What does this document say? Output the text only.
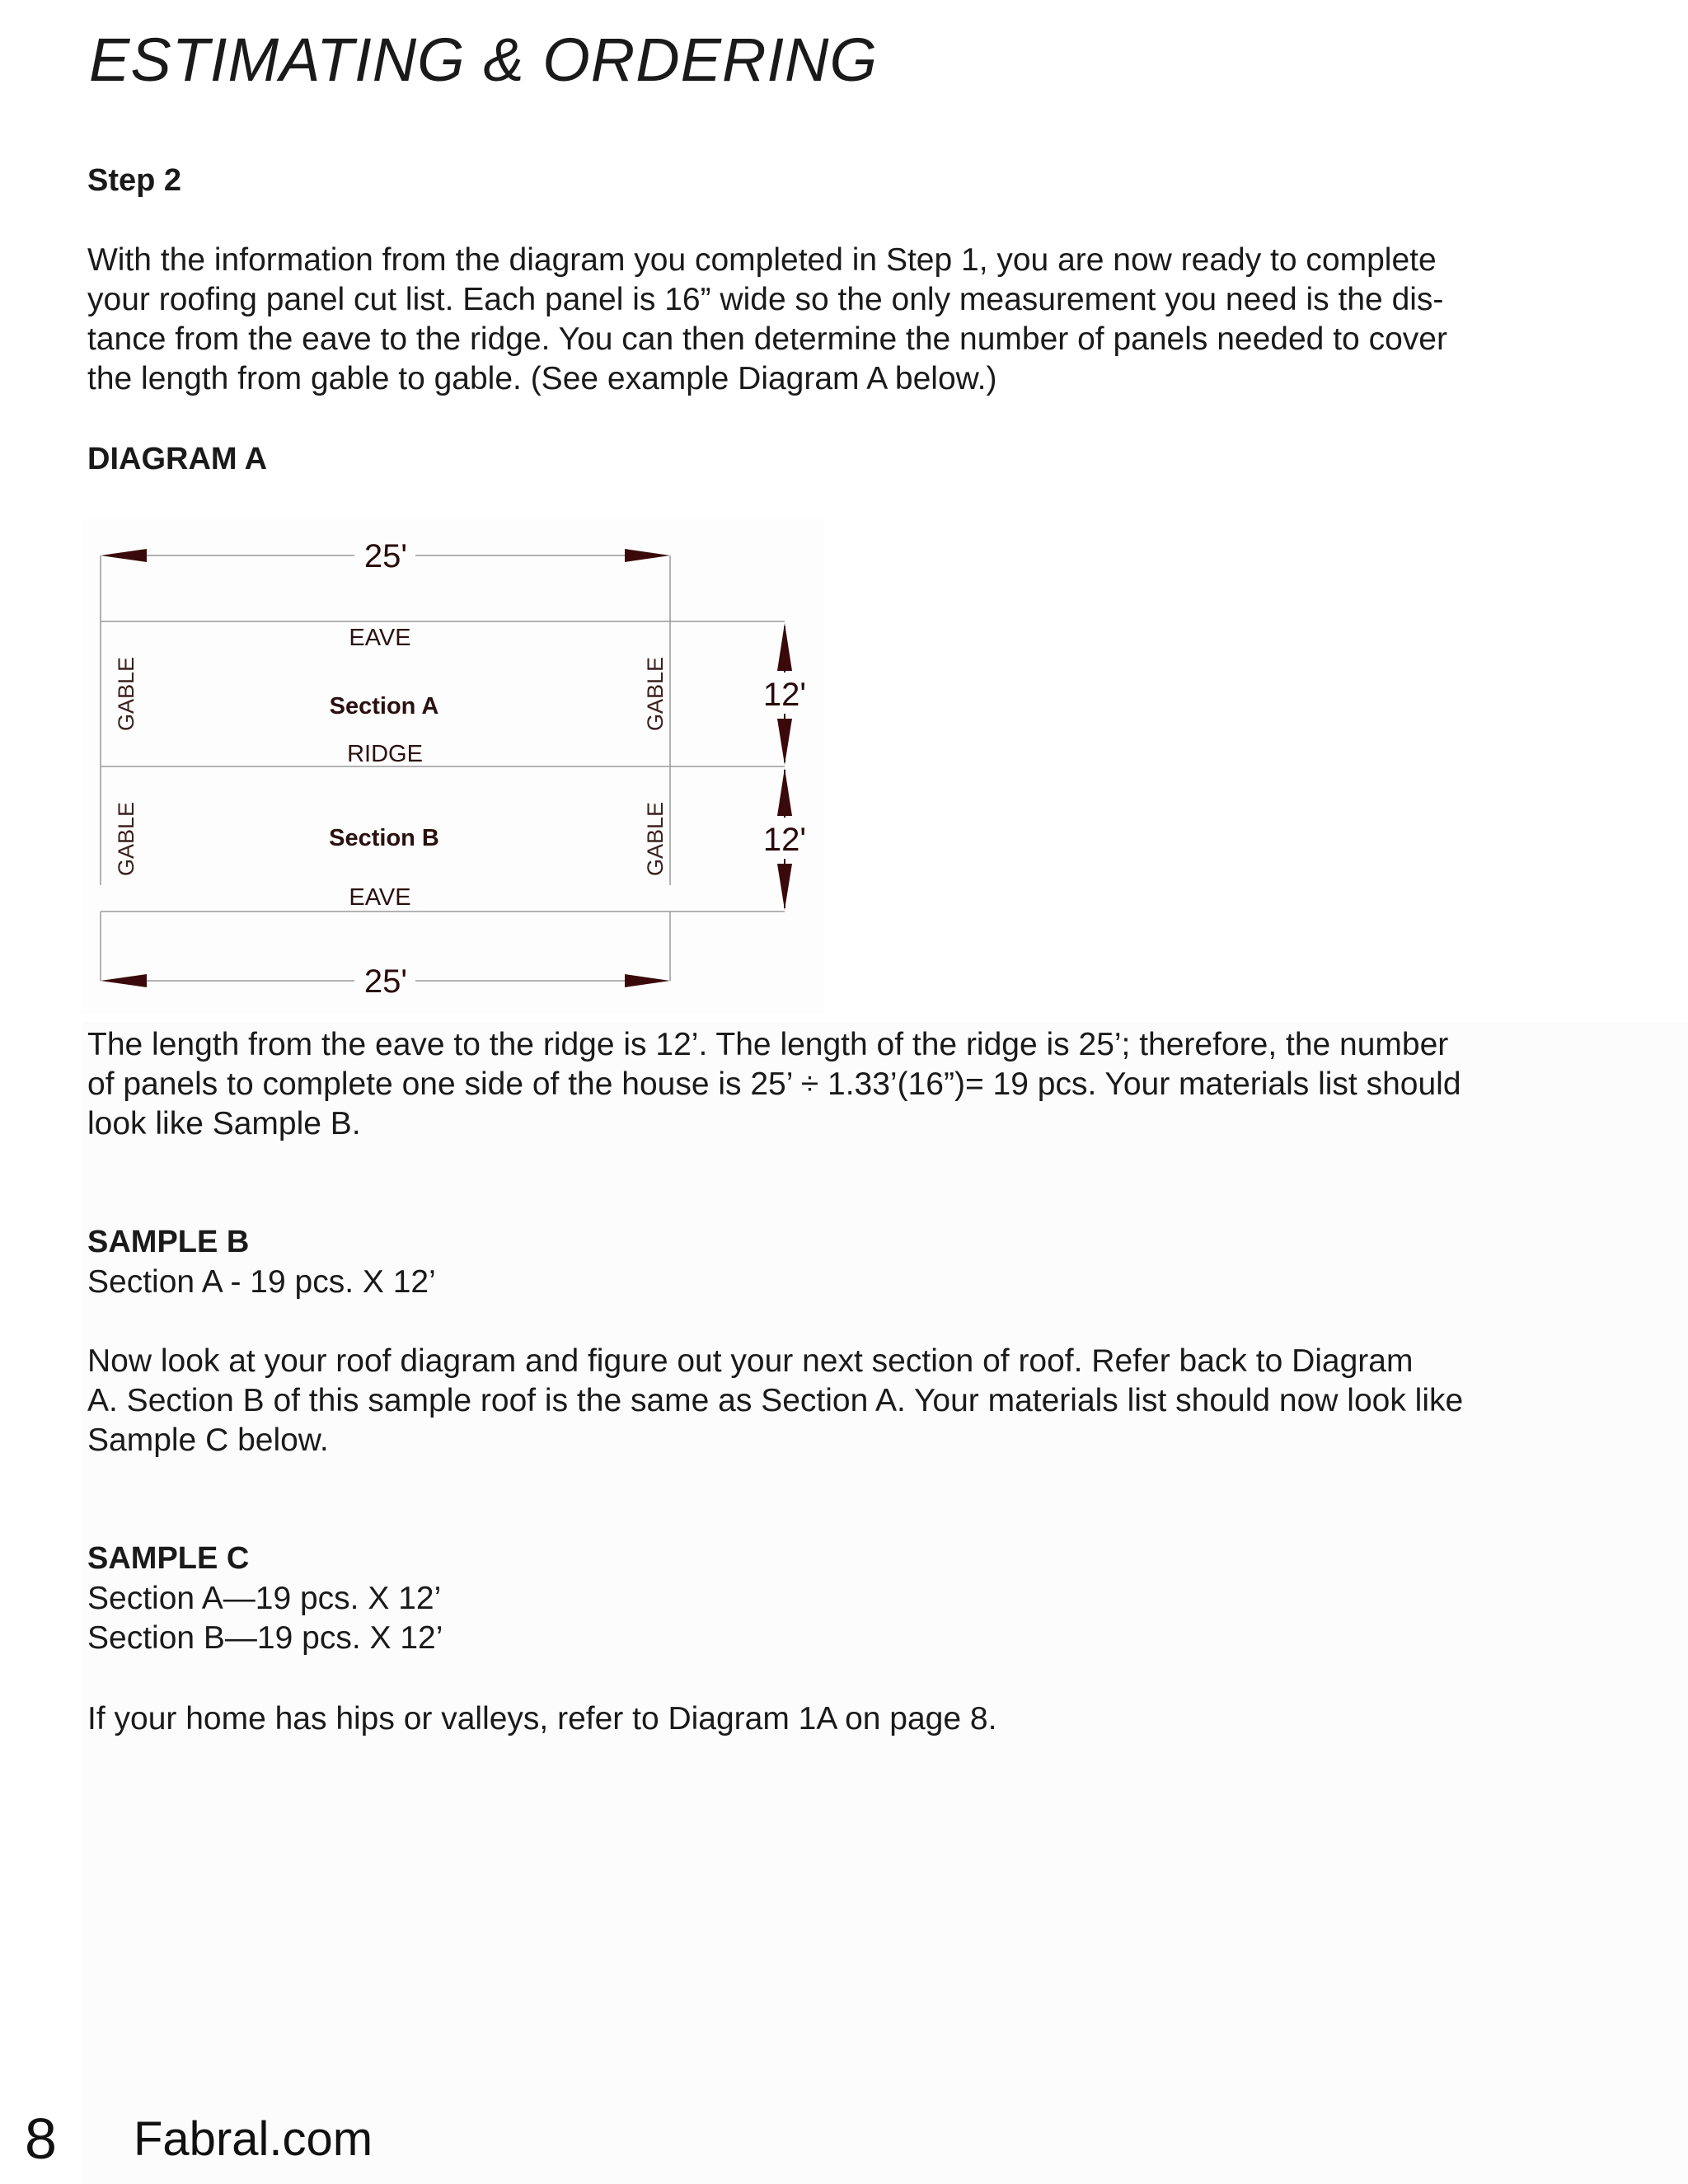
ESTIMATING & ORDERING
Step 2

With the information from the diagram you completed in Step 1, you are now ready to complete
your roofing panel cut list. Each panel is 16” wide so the only measurement you need is the dis-
tance from the eave to the ridge. You can then determine the number of panels needed to cover
the length from gable to gable. (See example Diagram A below.)

DIAGRAM A
25'
EAVE
Section A
RIDGE
Section B
EAVE
GABLE
GABLE
GABLE
GABLE
12'
12'
25'

The length from the eave to the ridge is 12’. The length of the ridge is 25’; therefore, the number
of panels to complete one side of the house is 25’ ÷ 1.33’(16”)= 19 pcs. Your materials list should
look like Sample B.

SAMPLE B

Section A - 19 pcs. X 12’

Now look at your roof diagram and figure out your next section of roof. Refer back to Diagram
A. Section B of this sample roof is the same as Section A. Your materials list should now look like
Sample C below.

SAMPLE C

Section A—19 pcs. X 12’
Section B—19 pcs. X 12’

If your home has hips or valleys, refer to Diagram 1A on page 8.

8 Fabral.com
